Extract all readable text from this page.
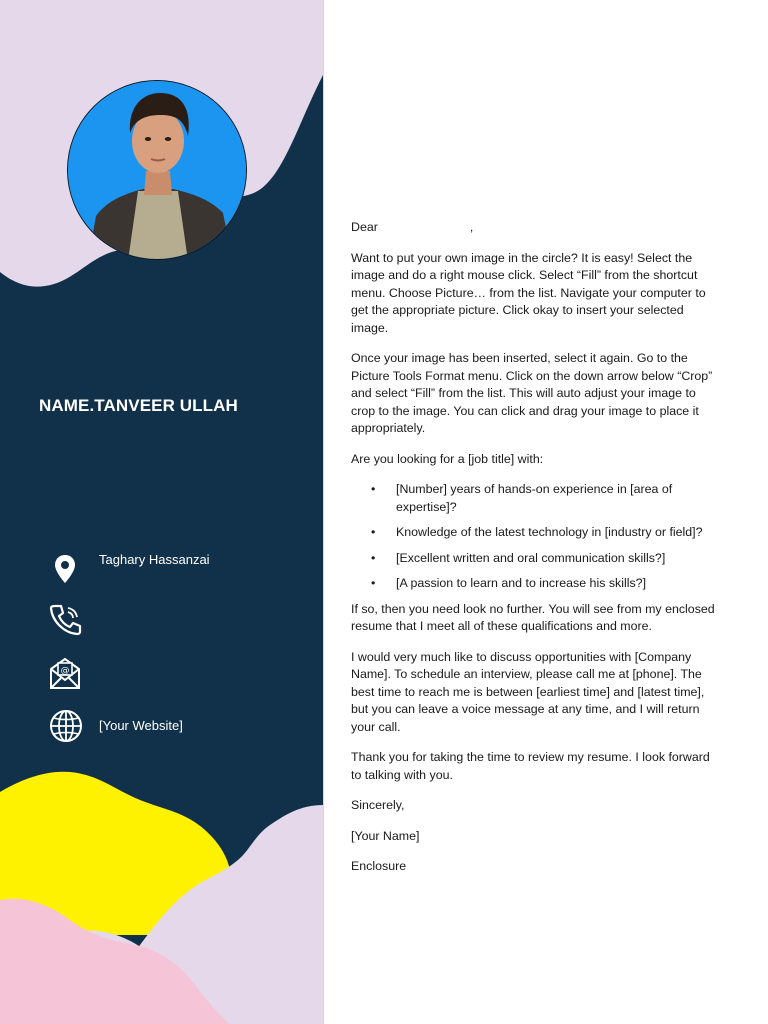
NAME.TANVEER ULLAH
Taghary Hassanzai
@
[Your Website]

Dear	,

Want to put your own image in the circle? It is easy! Select the image and do a right mouse click. Select “Fill” from the shortcut menu. Choose Picture… from the list. Navigate your computer to get the appropriate picture. Click okay to insert your selected image.

Once your image has been inserted, select it again. Go to the Picture Tools Format menu. Click on the down arrow below “Crop” and select “Fill” from the list. This will auto adjust your image to crop to the image. You can click and drag your image to place it appropriately.

Are you looking for a [job title] with:

• [Number] years of hands-on experience in [area of expertise]?
• Knowledge of the latest technology in [industry or field]?
• [Excellent written and oral communication skills?]
• [A passion to learn and to increase his skills?]

If so, then you need look no further. You will see from my enclosed resume that I meet all of these qualifications and more.

I would very much like to discuss opportunities with [Company Name]. To schedule an interview, please call me at [phone]. The best time to reach me is between [earliest time] and [latest time], but you can leave a voice message at any time, and I will return your call.

Thank you for taking the time to review my resume. I look forward to talking with you.

Sincerely,

[Your Name]

Enclosure
